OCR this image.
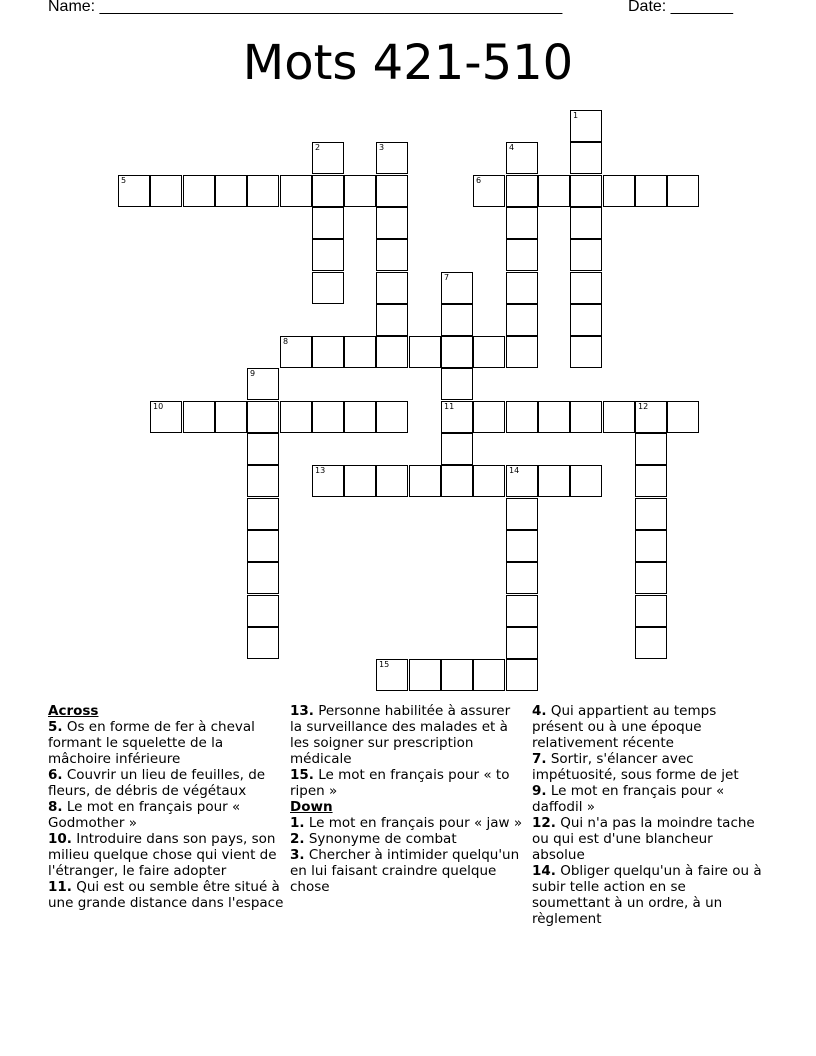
Name: ____________________________________________________	Date: _______
Mots 421-510
5	6
8
10	11	12
13	14
15
1
2	3	4
7
9
Across
5. Os en forme de fer à cheval formant le squelette de la mâchoire inférieure
6. Couvrir un lieu de feuilles, de fleurs, de débris de végétaux
8. Le mot en français pour « Godmother »
10. Introduire dans son pays, son milieu quelque chose qui vient de l'étranger, le faire adopter
11. Qui est ou semble être situé à une grande distance dans l'espace
13. Personne habilitée à assurer la surveillance des malades et à les soigner sur prescription médicale
15. Le mot en français pour « to ripen »
Down
1. Le mot en français pour « jaw »
2. Synonyme de combat
3. Chercher à intimider quelqu'un en lui faisant craindre quelque chose
4. Qui appartient au temps présent ou à une époque relativement récente
7. Sortir, s'élancer avec impétuosité, sous forme de jet
9. Le mot en français pour « daffodil »
12. Qui n'a pas la moindre tache ou qui est d'une blancheur absolue
14. Obliger quelqu'un à faire ou à subir telle action en se soumettant à un ordre, à un règlement
